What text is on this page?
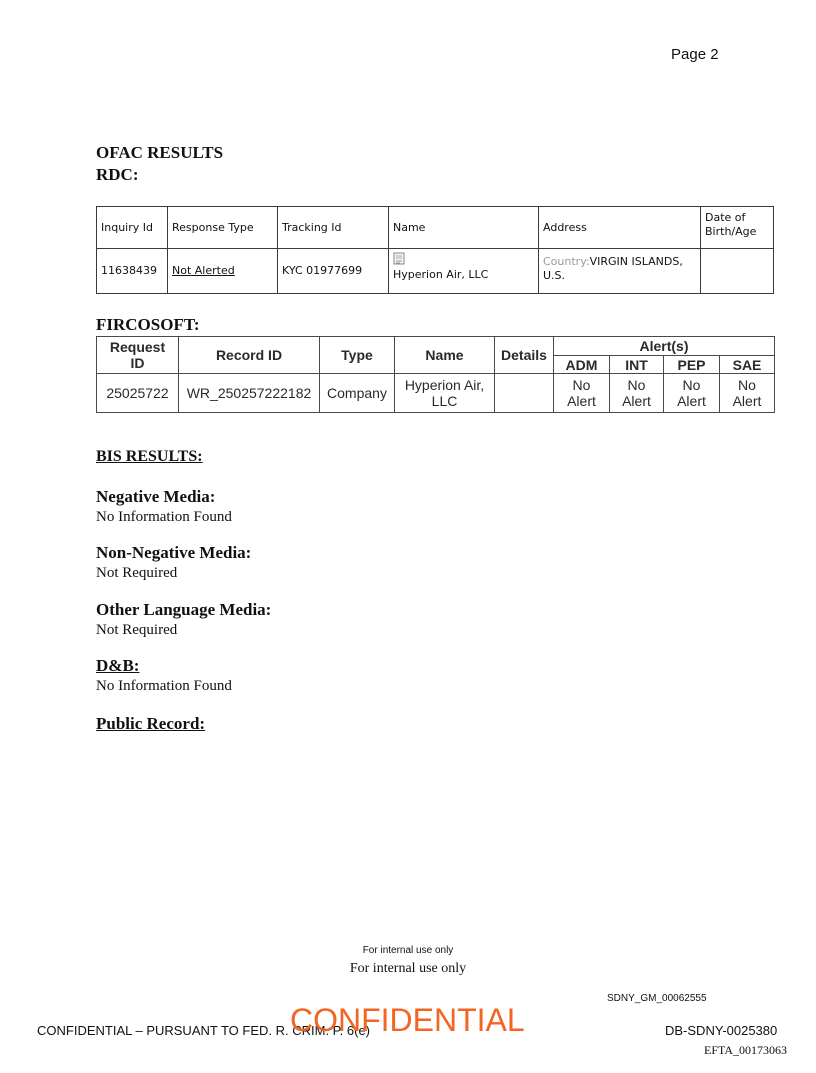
Page 2
OFAC RESULTS
RDC:
Inquiry Id	Response Type	Tracking Id	Name	Address	Date of Birth/Age
11638439	Not Alerted	KYC 01977699	Hyperion Air, LLC	Country:VIRGIN ISLANDS, U.S.	
FIRCOSOFT:
Request ID	Record ID	Type	Name	Details	Alert(s)			
					ADM	INT	PEP	SAE
25025722	WR_250257222182	Company	Hyperion Air, LLC		No Alert	No Alert	No Alert	No Alert
BIS RESULTS:
Negative Media:
No Information Found
Non-Negative Media:
Not Required
Other Language Media:
Not Required
D&B:
No Information Found
Public Record:
For internal use only
For internal use only
SDNY_GM_00062555
CONFIDENTIAL – PURSUANT TO FED. R. CRIM. P. 6(e)
CONFIDENTIAL	DB-SDNY-0025380
EFTA_00173063
